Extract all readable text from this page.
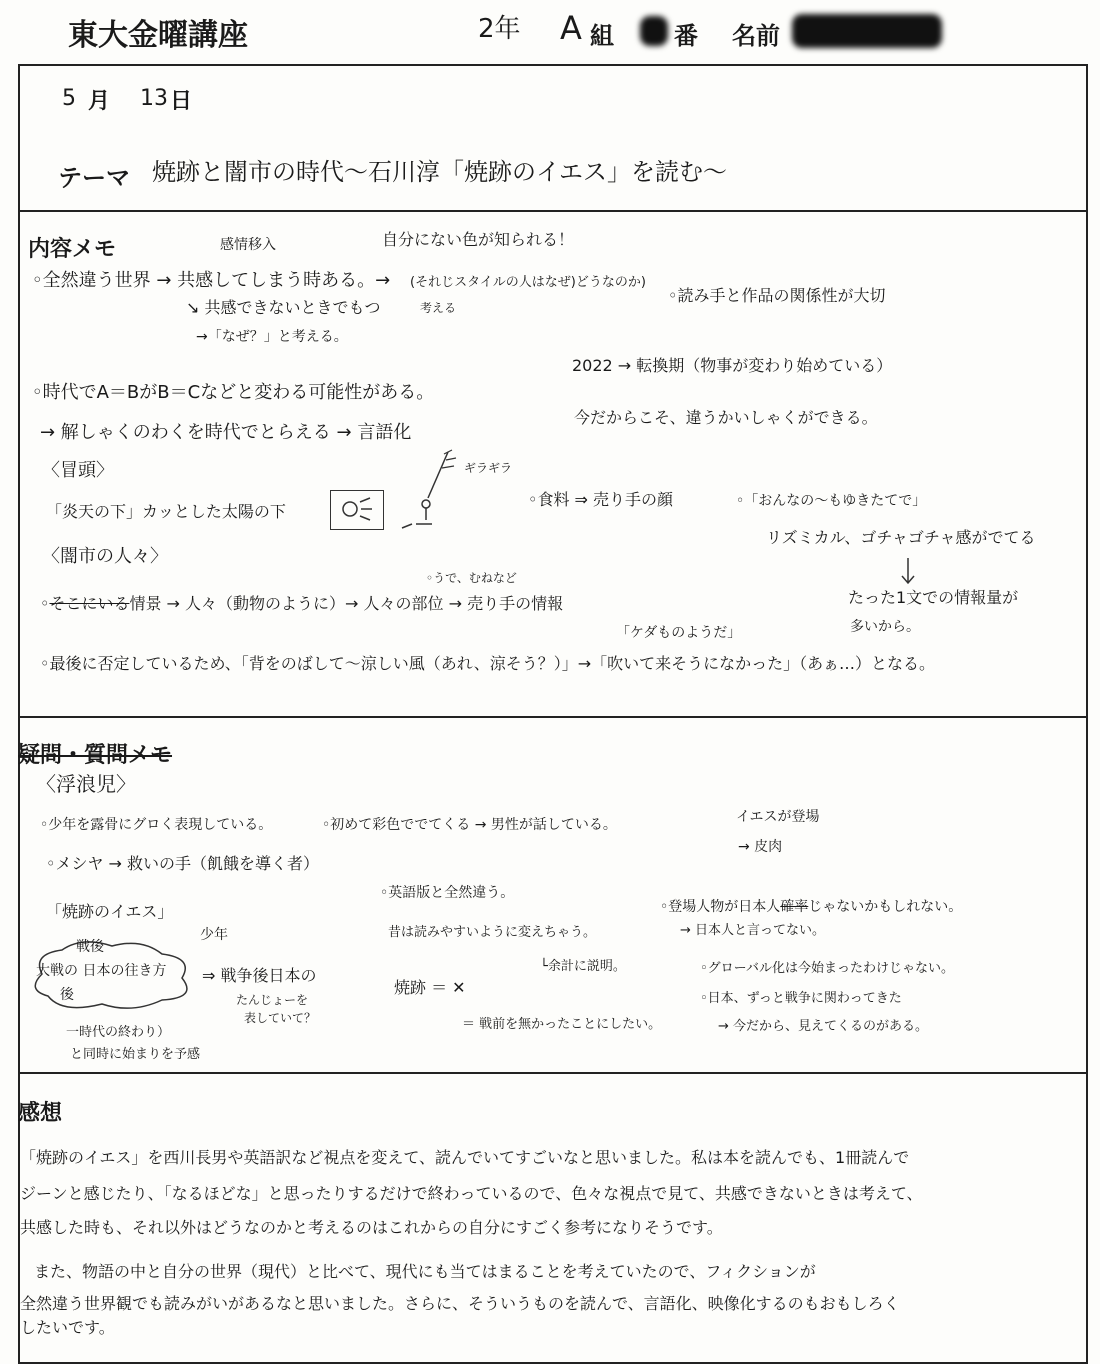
東大金曜講座	2年 A 組	番 名前
5 月 13 日
テーマ 焼跡と闇市の時代～石川淳「焼跡のイエス」を読む～
内容メモ	感情移入	自分にない色が知られる！
◦全然違う世界 → 共感してしまう時ある。→ (それじスタイルの人はなぜ)どうなのか)
考える
↘ 共感できないときでもつ
→「なぜ？」と考える。
◦読み手と作品の関係性が大切
2022 → 転換期（物事が変わり始めている）
今だからこそ、違うかいしゃくができる。
◦時代でA＝BがB＝Cなどと変わる可能性がある。
→ 解しゃくのわくを時代でとらえる → 言語化
〈冒頭〉
「炎天の下」カッとした太陽の下
ギラギラ
◦食料 ⇒ 売り手の顔	◦「おんなの〜もゆきたてで」
リズミカル、ゴチャゴチャ感がでてる
〈闇市の人々〉
◦うで、むねなど
◦そこにいる情景 → 人々（動物のように）→ 人々の部位 → 売り手の情報
「ケダものようだ」
たった1文での情報量が
多いから。
◦最後に否定しているため、「背をのばして〜涼しい風（あれ、涼そう？）」→「吹いて来そうになかった」（あぁ…）となる。
疑問・質問メモ
〈浮浪児〉
◦少年を露骨にグロく表現している。	◦初めて彩色ででてくる → 男性が話している。	イエスが登場
→ 皮肉
◦メシヤ → 救いの手（飢餓を導く者）
◦英語版と全然違う。
昔は読みやすいように変えちゃう。
└余計に説明。
◦登場人物が日本人確率じゃないかもしれない。
→ 日本人と言ってない。
「焼跡のイエス」
少年
戦後
大戦の 日本の往き方
後
⇒ 戦争後日本の
たんじょーを
表していて？
一時代の終わり）
と同時に始まりを予感
焼跡 ＝ ✕
＝ 戦前を無かったことにしたい。
◦グローバル化は今始まったわけじゃない。
◦日本、ずっと戦争に関わってきた
→ 今だから、見えてくるのがある。
感想
「焼跡のイエス」を西川長男や英語訳など視点を変えて、読んでいてすごいなと思いました。私は本を読んでも、1冊読んで
ジーンと感じたり、「なるほどな」と思ったりするだけで終わっているので、色々な視点で見て、共感できないときは考えて、
共感した時も、それ以外はどうなのかと考えるのはこれからの自分にすごく参考になりそうです。
また、物語の中と自分の世界（現代）と比べて、現代にも当てはまることを考えていたので、フィクションが
全然違う世界観でも読みがいがあるなと思いました。さらに、そういうものを読んで、言語化、映像化するのもおもしろく
したいです。
